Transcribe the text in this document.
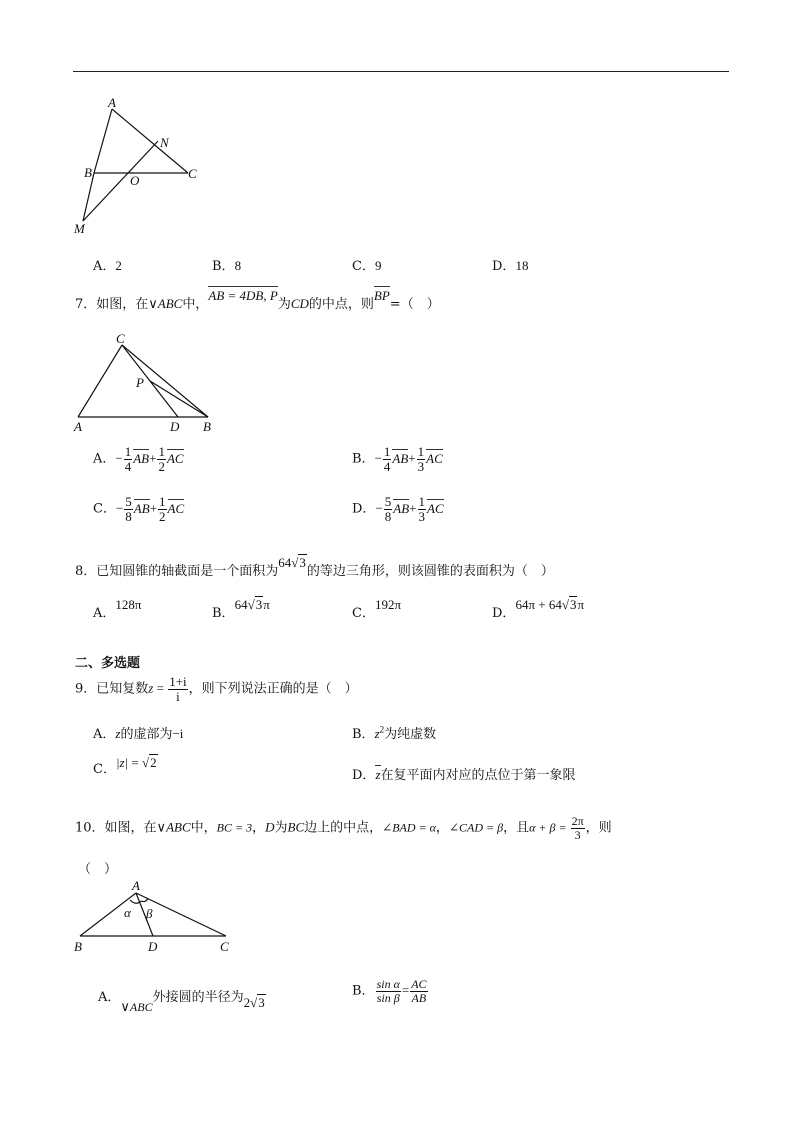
A
N
B
O	C
M
A．2	B．8	C．9	D．18
7．如图，在∨ABC中，AB = 4DB, P为CD的中点，则BP=（　）
C
P
A	D B
A．− $\frac{1}{4} AB+ \frac{1}{2}$ AC	B．− $\frac{1}{4} AB+ \frac{1}{3}$ AC
C．− $\frac{5}{8} AB+ \frac{1}{2}$ AC	D．− $\frac{5}{8} AB+ \frac{1}{3}$ AC
8．已知圆锥的轴截面是一个面积为64√3的等边三角形，则该圆锥的表面积为（　）
A．128π
B．64√3π
C．192π
D．64π + 64√3π
二、多选题
9．已知复数$z = \frac{1+i}{i}$ ，则下列说法正确的是（　）
A．z的虚部为−i	B．$z^2$为纯虚数
C．|z| = √2
D．z在复平面内对应的点位于第一象限
10．如图，在∨ABC中，BC = 3，D为BC边上的中点，∠BAD = α，∠CAD = β，且$\alpha + \beta = \frac{2\pi}{3}$ ，则
（　）
A
α β
B	D	C
A．∨ABC外接圆的半径为2√3
B． $\frac{\text{sin α}}{\text{sin β}} = \frac{AC}{AB}$
